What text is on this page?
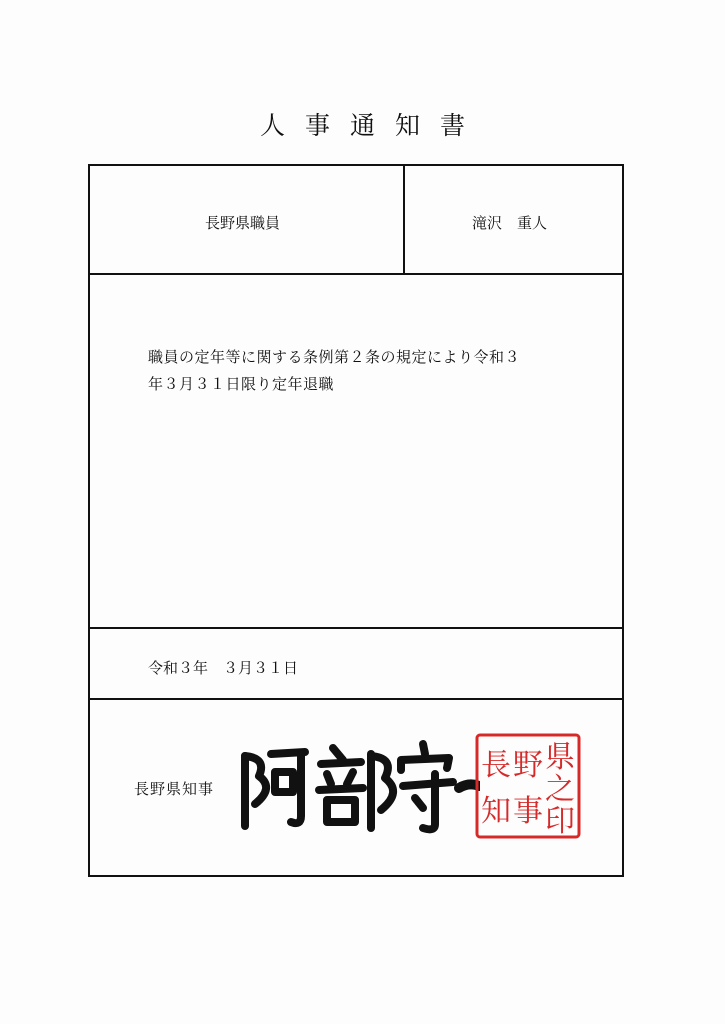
人事通知書
長野県職員	滝沢　重人
職員の定年等に関する条例第２条の規定により令和３
年３月３１日限り定年退職
令和３年　３月３１日
長野県知事
県
之
印
野
事
長
知
